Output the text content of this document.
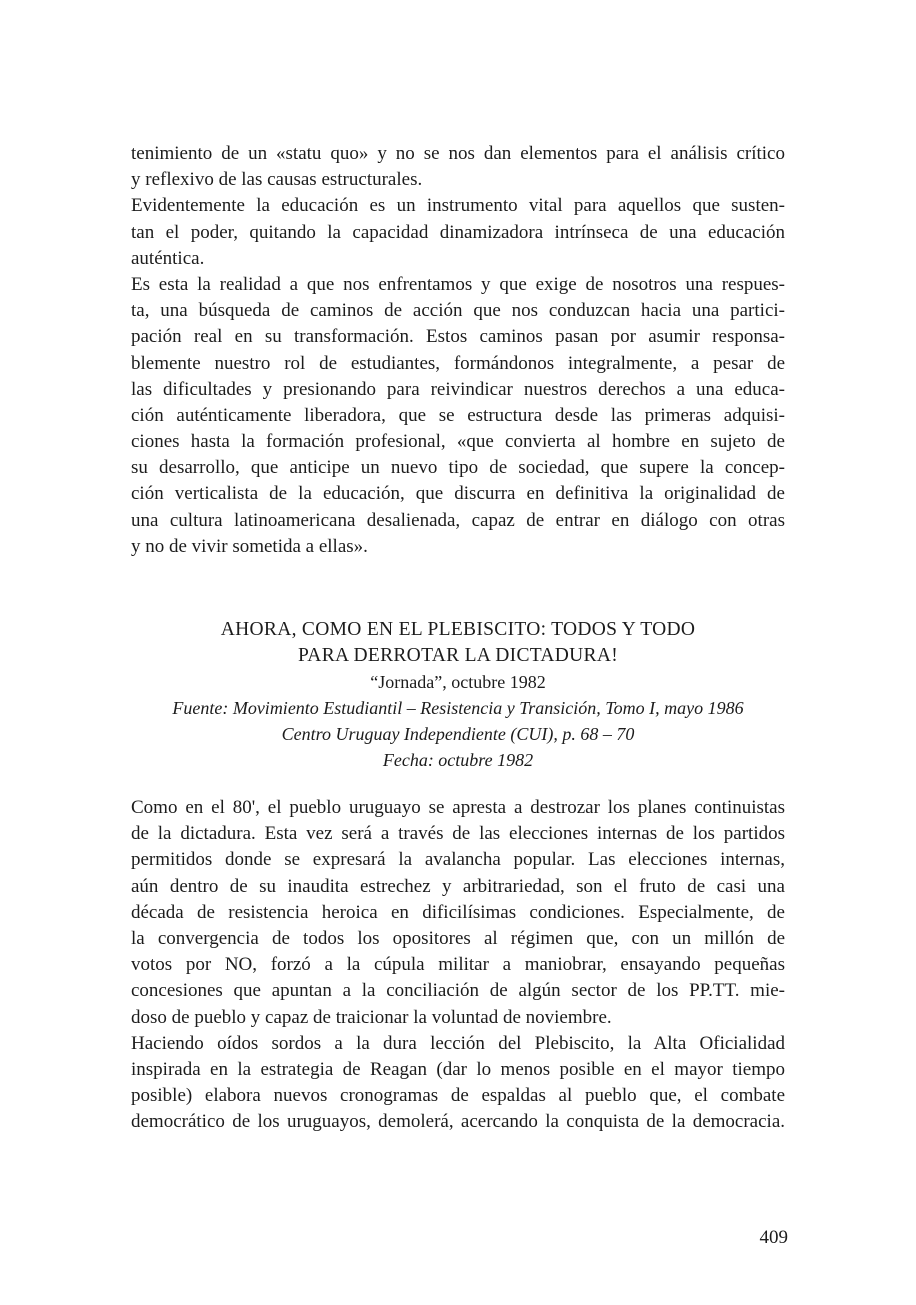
tenimiento de un «statu quo» y no se nos dan elementos para el análisis crítico
y reflexivo de las causas estructurales.
Evidentemente la educación es un instrumento vital para aquellos que susten-
tan el poder, quitando la capacidad dinamizadora intrínseca de una educación
auténtica.
Es esta la realidad a que nos enfrentamos y que exige de nosotros una respues-
ta, una búsqueda de caminos de acción que nos conduzcan hacia una partici-
pación real en su transformación. Estos caminos pasan por asumir responsa-
blemente nuestro rol de estudiantes, formándonos integralmente, a pesar de
las dificultades y presionando para reivindicar nuestros derechos a una educa-
ción auténticamente liberadora, que se estructura desde las primeras adquisi-
ciones hasta la formación profesional, «que convierta al hombre en sujeto de
su desarrollo, que anticipe un nuevo tipo de sociedad, que supere la concep-
ción verticalista de la educación, que discurra en definitiva la originalidad de
una cultura latinoamericana desalienada, capaz de entrar en diálogo con otras
y no de vivir sometida a ellas».
AHORA, COMO EN EL PLEBISCITO: TODOS Y TODO
PARA DERROTAR LA DICTADURA!
“Jornada”, octubre 1982
Fuente: Movimiento Estudiantil – Resistencia y Transición, Tomo I, mayo 1986
Centro Uruguay Independiente (CUI), p. 68 – 70
Fecha: octubre 1982
Como en el 80', el pueblo uruguayo se apresta a destrozar los planes continuistas
de la dictadura. Esta vez será a través de las elecciones internas de los partidos
permitidos donde se expresará la avalancha popular. Las elecciones internas,
aún dentro de su inaudita estrechez y arbitrariedad, son el fruto de casi una
década de resistencia heroica en dificilísimas condiciones. Especialmente, de
la convergencia de todos los opositores al régimen que, con un millón de
votos por NO, forzó a la cúpula militar a maniobrar, ensayando pequeñas
concesiones que apuntan a la conciliación de algún sector de los PP.TT. mie-
doso de pueblo y capaz de traicionar la voluntad de noviembre.
Haciendo oídos sordos a la dura lección del Plebiscito, la Alta Oficialidad
inspirada en la estrategia de Reagan (dar lo menos posible en el mayor tiempo
posible) elabora nuevos cronogramas de espaldas al pueblo que, el combate
democrático de los uruguayos, demolerá, acercando la conquista de la democracia.
409
